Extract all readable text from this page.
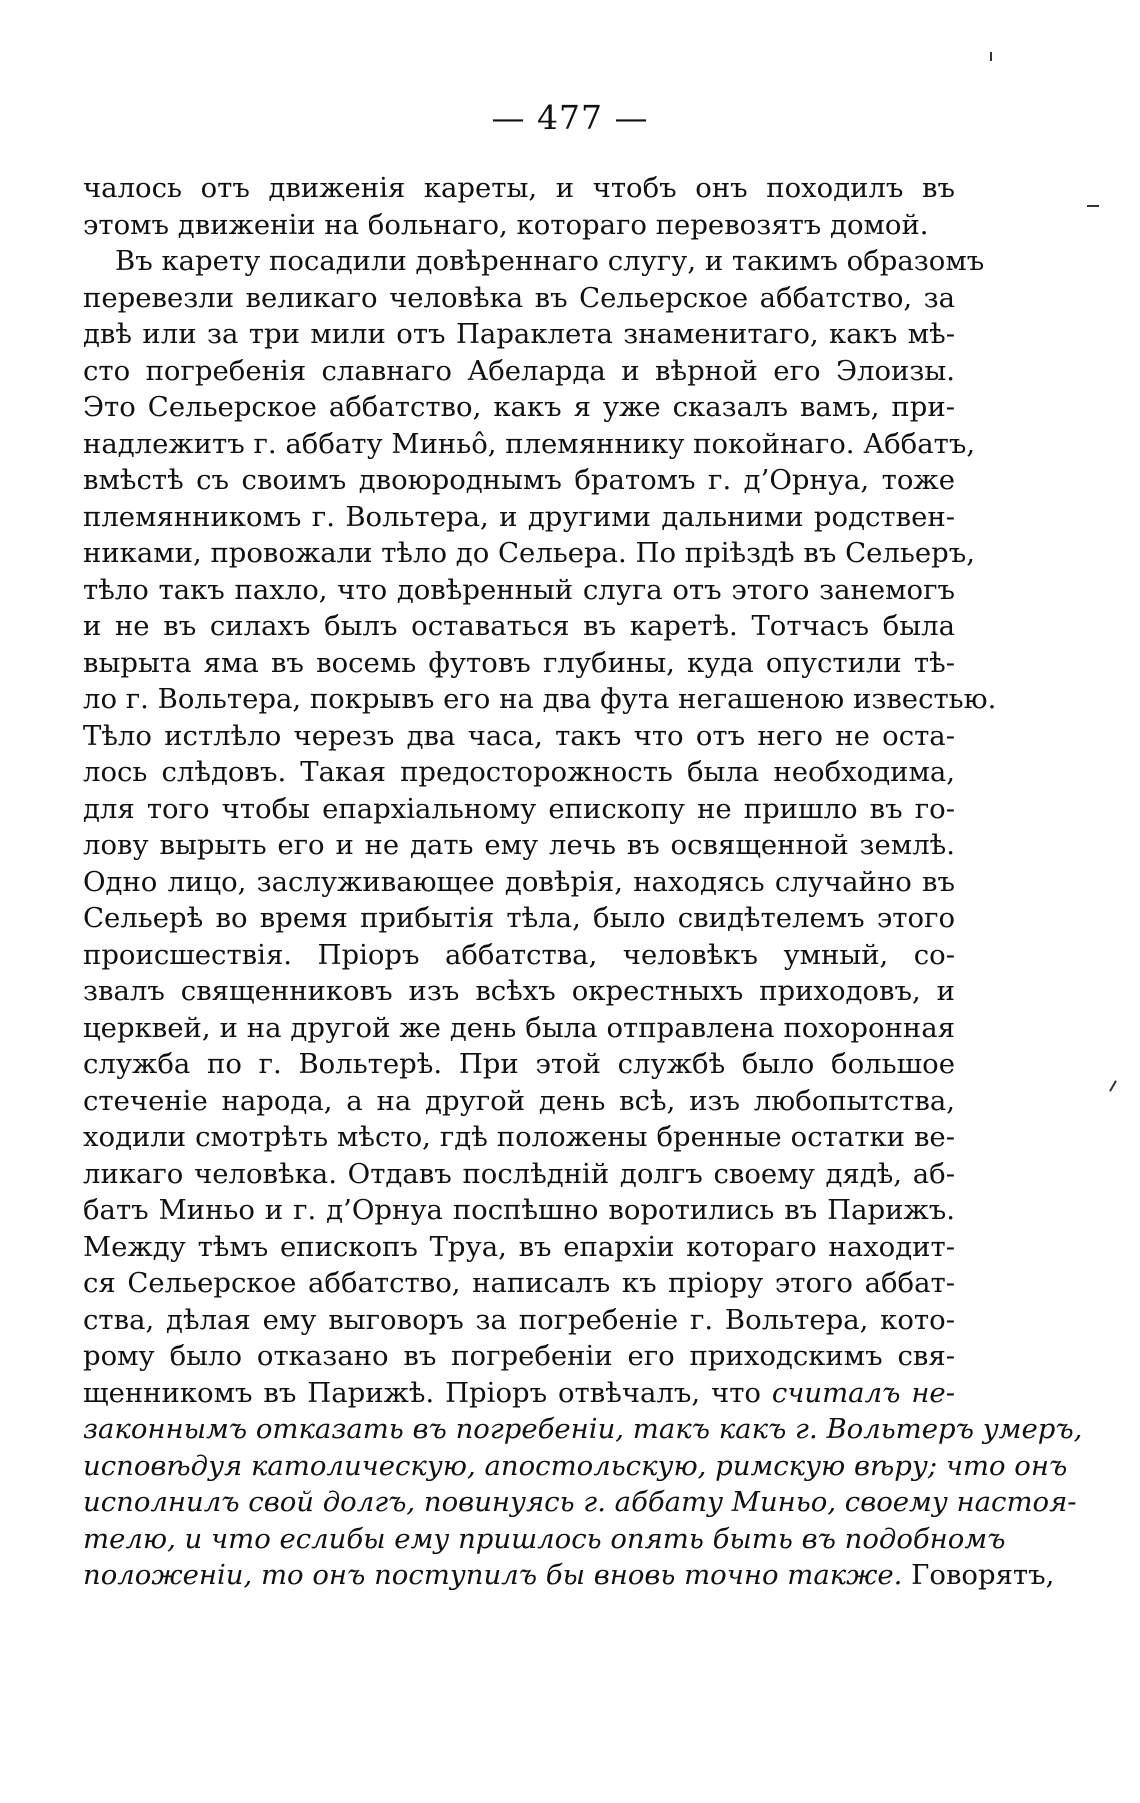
— 477 —
чалось отъ движенія кареты, и чтобъ онъ походилъ въ
этомъ движеніи на больнаго, котораго перевозятъ домой.
Въ карету посадили довѣреннаго слугу, и такимъ образомъ
перевезли великаго человѣка въ Сельерское аббатство, за
двѣ или за три мили отъ Параклета знаменитаго, какъ мѣ-
сто погребенія славнаго Абеларда и вѣрной его Элоизы.
Это Сельерское аббатство, какъ я уже сказалъ вамъ, при-
надлежитъ г. аббату Миньô, племяннику покойнаго. Аббатъ,
вмѣстѣ съ своимъ двоюроднымъ братомъ г. д’Орнуа, тоже
племянникомъ г. Вольтера, и другими дальними родствен-
никами, провожали тѣло до Сельера. По пріѣздѣ въ Сельеръ,
тѣло такъ пахло, что довѣренный слуга отъ этого занемогъ
и не въ силахъ былъ оставаться въ каретѣ. Тотчасъ была
вырыта яма въ восемь футовъ глубины, куда опустили тѣ-
ло г. Вольтера, покрывъ его на два фута негашеною известью.
Тѣло истлѣло черезъ два часа, такъ что отъ него не оста-
лось слѣдовъ. Такая предосторожность была необходима,
для того чтобы епархіальному епископу не пришло въ го-
лову вырыть его и не дать ему лечь въ освященной землѣ.
Одно лицо, заслуживающее довѣрія, находясь случайно въ
Сельерѣ во время прибытія тѣла, было свидѣтелемъ этого
происшествія. Пріоръ аббатства, человѣкъ умный, со-
звалъ священниковъ изъ всѣхъ окрестныхъ приходовъ, и
церквей, и на другой же день была отправлена похоронная
служба по г. Вольтерѣ. При этой службѣ было большое
стеченіе народа, а на другой день всѣ, изъ любопытства,
ходили смотрѣть мѣсто, гдѣ положены бренные остатки ве-
ликаго человѣка. Отдавъ послѣдній долгъ своему дядѣ, аб-
батъ Миньо и г. д’Орнуа поспѣшно воротились въ Парижъ.
Между тѣмъ епископъ Труа, въ епархіи котораго находит-
ся Сельерское аббатство, написалъ къ пріору этого аббат-
ства, дѣлая ему выговоръ за погребеніе г. Вольтера, кото-
рому было отказано въ погребеніи его приходскимъ свя-
щенникомъ въ Парижѣ. Пріоръ отвѣчалъ, что считалъ не-
законнымъ отказать въ погребеніи, такъ какъ г. Вольтеръ умеръ,
исповѣдуя католическую, апостольскую, римскую вѣру; что онъ
исполнилъ свой долгъ, повинуясь г. аббату Миньо, своему настоя-
телю, и что еслибы ему пришлось опять быть въ подобномъ
положеніи, то онъ поступилъ бы вновь точно также. Говорятъ,
